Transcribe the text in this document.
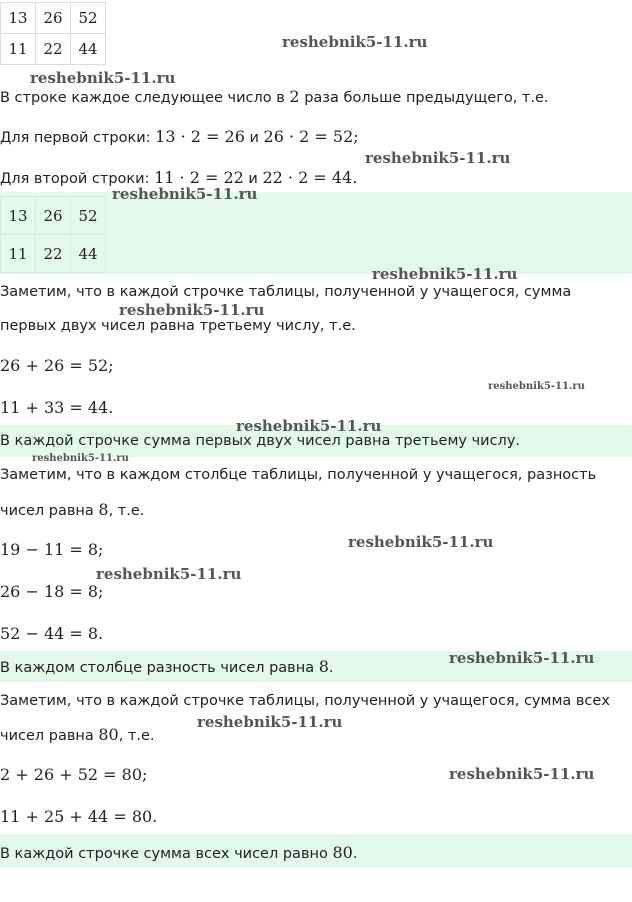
13	26	52
11	22	44
В строке каждое следующее число в 2 раза больше предыдущего, т.е.
Для первой строки: 13 · 2 = 26 и 26 · 2 = 52;
Для второй строки: 11 · 2 = 22 и 22 · 2 = 44.
13	26	52
11	22	44
Заметим, что в каждой строчке таблицы, полученной у учащегося, сумма
первых двух чисел равна третьему числу, т.е.
26 + 26 = 52;
11 + 33 = 44.
В каждой строчке сумма первых двух чисел равна третьему числу.
Заметим, что в каждом столбце таблицы, полученной у учащегося, разность
чисел равна 8, т.е.
19 − 11 = 8;
26 − 18 = 8;
52 − 44 = 8.
В каждом столбце разность чисел равна 8.
Заметим, что в каждой строчке таблицы, полученной у учащегося, сумма всех
чисел равна 80, т.е.
2 + 26 + 52 = 80;
11 + 25 + 44 = 80.
В каждой строчке сумма всех чисел равно 80.
reshebnik5-11.ru
reshebnik5-11.ru
reshebnik5-11.ru
reshebnik5-11.ru
reshebnik5-11.ru
reshebnik5-11.ru
reshebnik5-11.ru
reshebnik5-11.ru
reshebnik5-11.ru
reshebnik5-11.ru
reshebnik5-11.ru
reshebnik5-11.ru
reshebnik5-11.ru
reshebnik5-11.ru
